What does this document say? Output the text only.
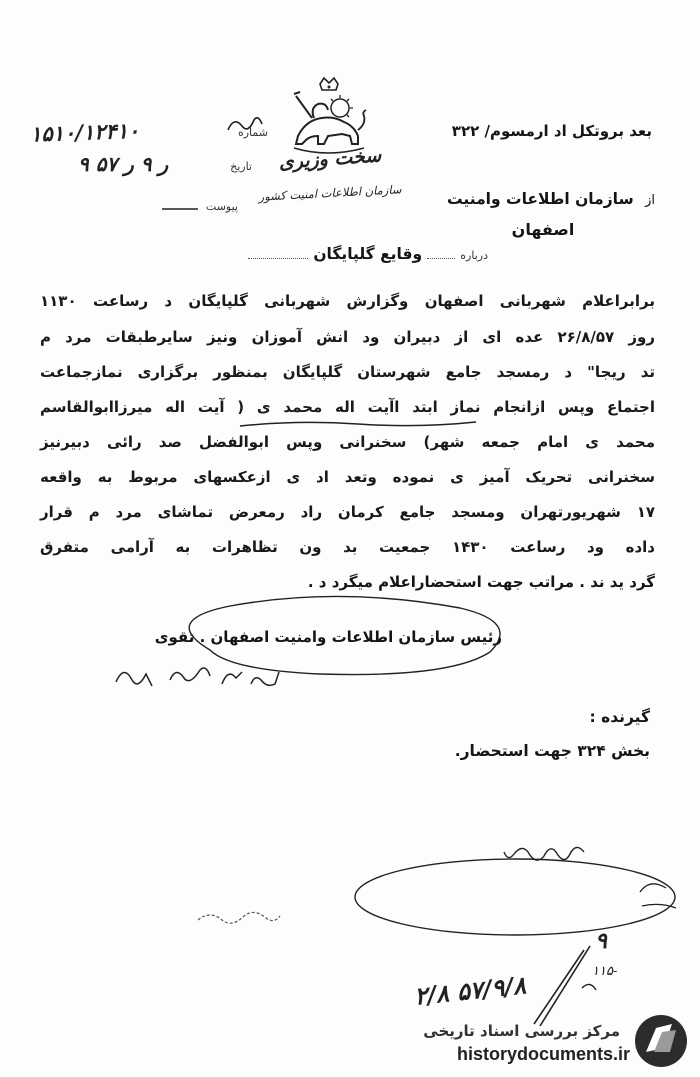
بعد بروتکل اد ارمسوم/ ۳۲۲
سخت وزیری
سازمان اطلاعات امنیت کشور	از سازمان اطلاعات وامنیت
اصفهان
درباره  وقایع گلپایگان
۱۵۱۰/۱۲۴۱۰	شماره
۹ ر ۹ ر ۵۷	تاریخ
پیوست
برابراعلام شهربانی اصفهان وگزارش شهربانی گلپایگان د رساعت ۱۱۳۰
روز ۲۶/۸/۵۷ عده ای از دبیران ود انش آموزان ونیز سایرطبقات مرد م
تد ریجا" د رمسجد جامع شهرستان گلپایگان بمنظور برگزاری نمازجماعت
اجتماع وپس ازانجام نماز ابتد اآیت اله محمد ی ( آیت اله میرزاابوالقاسم
محمد ی امام جمعه شهر) سخنرانی وپس ابوالفضل صد رائی دبیرنیز
سخنرانی تحریک آمیز ی نموده وتعد اد ی ازعکسهای مربوط به واقعه
۱۷ شهریورتهران ومسجد جامع کرمان راد رمعرض تماشای مرد م قرار
داده ود رساعت ۱۴۳۰ جمعیت بد ون تظاهرات به آرامی متفرق
گرد ید ند . مراتب جهت استحضاراعلام میگرد د .
رئیس سازمان اطلاعات وامنیت اصفهان . تقوی
گیرنده :
بخش ۳۲۴ جهت استحضار.
۹
۱۱۵-
۲/۸ ۵۷/۹/۸
مرکز بررسی اسناد تاریخی
historydocuments.ir
